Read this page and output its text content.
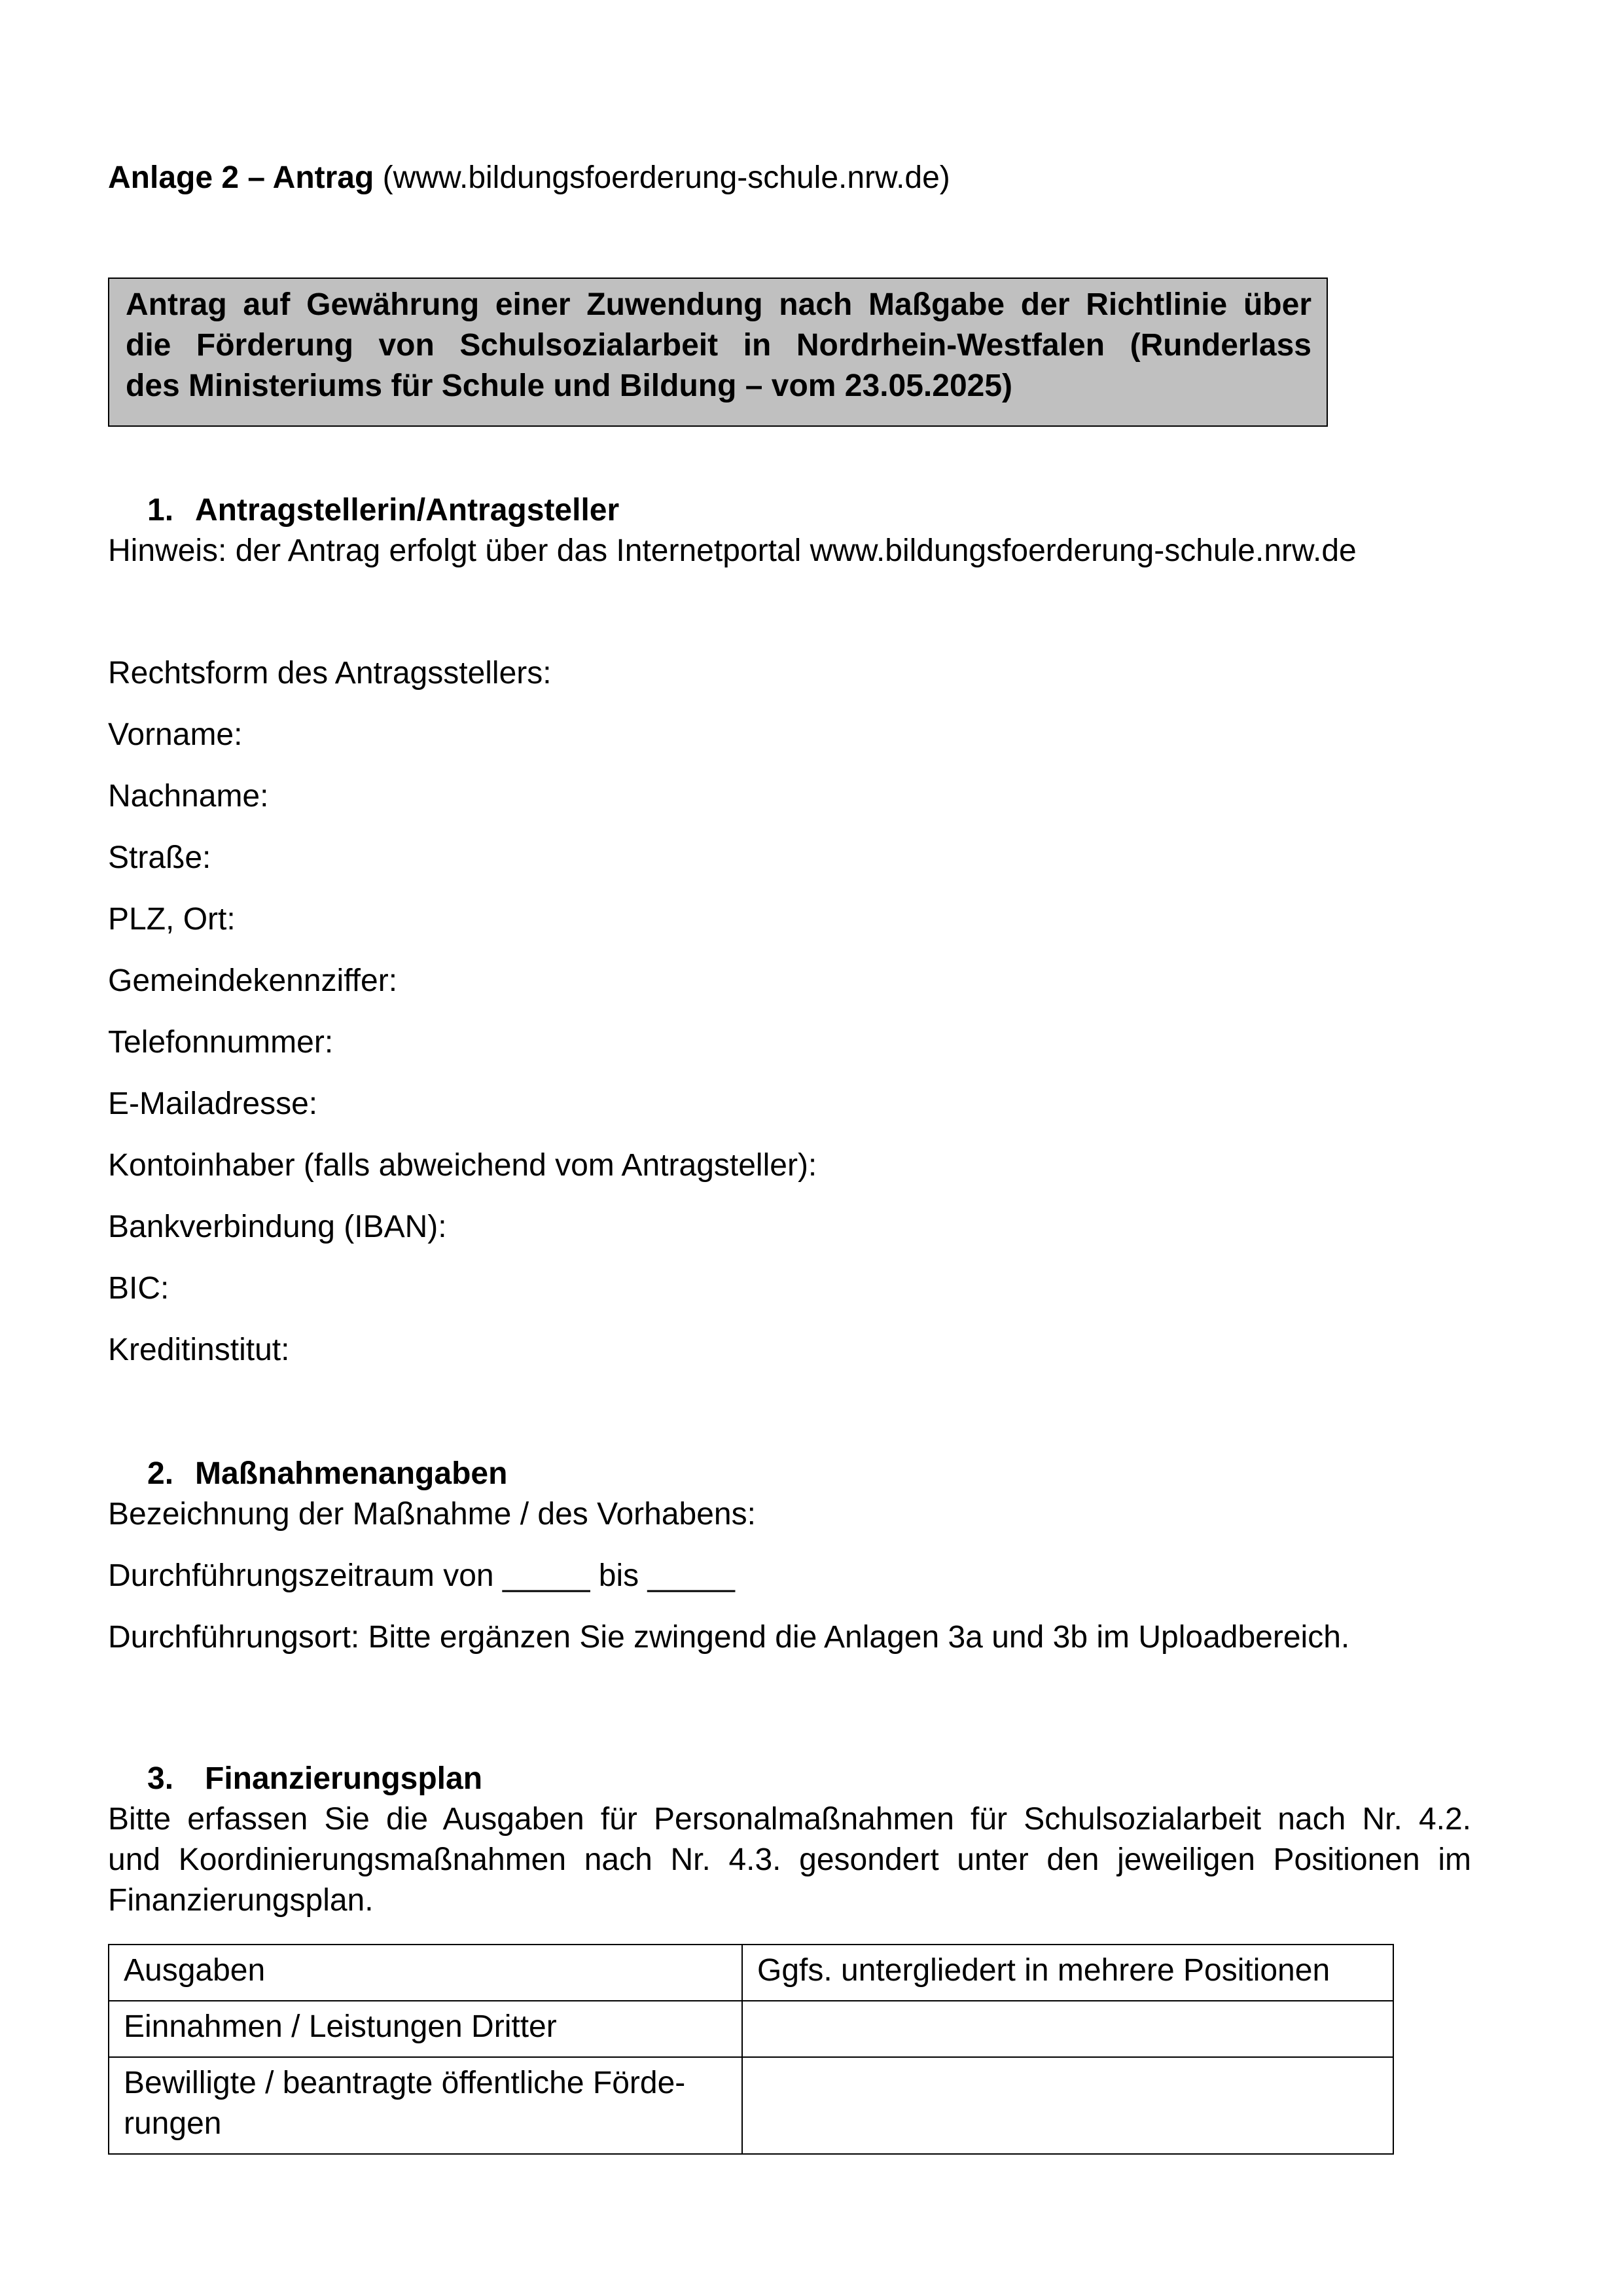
Anlage 2 – Antrag (www.bildungsfoerderung-schule.nrw.de)
Antrag auf Gewährung einer Zuwendung nach Maßgabe der Richtlinie über
die Förderung von Schulsozialarbeit in Nordrhein-Westfalen (Runderlass
des Ministeriums für Schule und Bildung – vom 23.05.2025)
1. Antragstellerin/Antragsteller
Hinweis: der Antrag erfolgt über das Internetportal www.bildungsfoerderung-schule.nrw.de
Rechtsform des Antragsstellers:
Vorname:
Nachname:
Straße:
PLZ, Ort:
Gemeindekennziffer:
Telefonnummer:
E-Mailadresse:
Kontoinhaber (falls abweichend vom Antragsteller):
Bankverbindung (IBAN):
BIC:
Kreditinstitut:
2. Maßnahmenangaben
Bezeichnung der Maßnahme / des Vorhabens:
Durchführungszeitraum von _____ bis _____
Durchführungsort: Bitte ergänzen Sie zwingend die Anlagen 3a und 3b im Uploadbereich.
3. Finanzierungsplan
Bitte erfassen Sie die Ausgaben für Personalmaßnahmen für Schulsozialarbeit nach Nr. 4.2.
und Koordinierungsmaßnahmen nach Nr. 4.3. gesondert unter den jeweiligen Positionen im
Finanzierungsplan.
Ausgaben	Ggfs. untergliedert in mehrere Positionen
Einnahmen / Leistungen Dritter	
Bewilligte / beantragte öffentliche Förde-
rungen	
